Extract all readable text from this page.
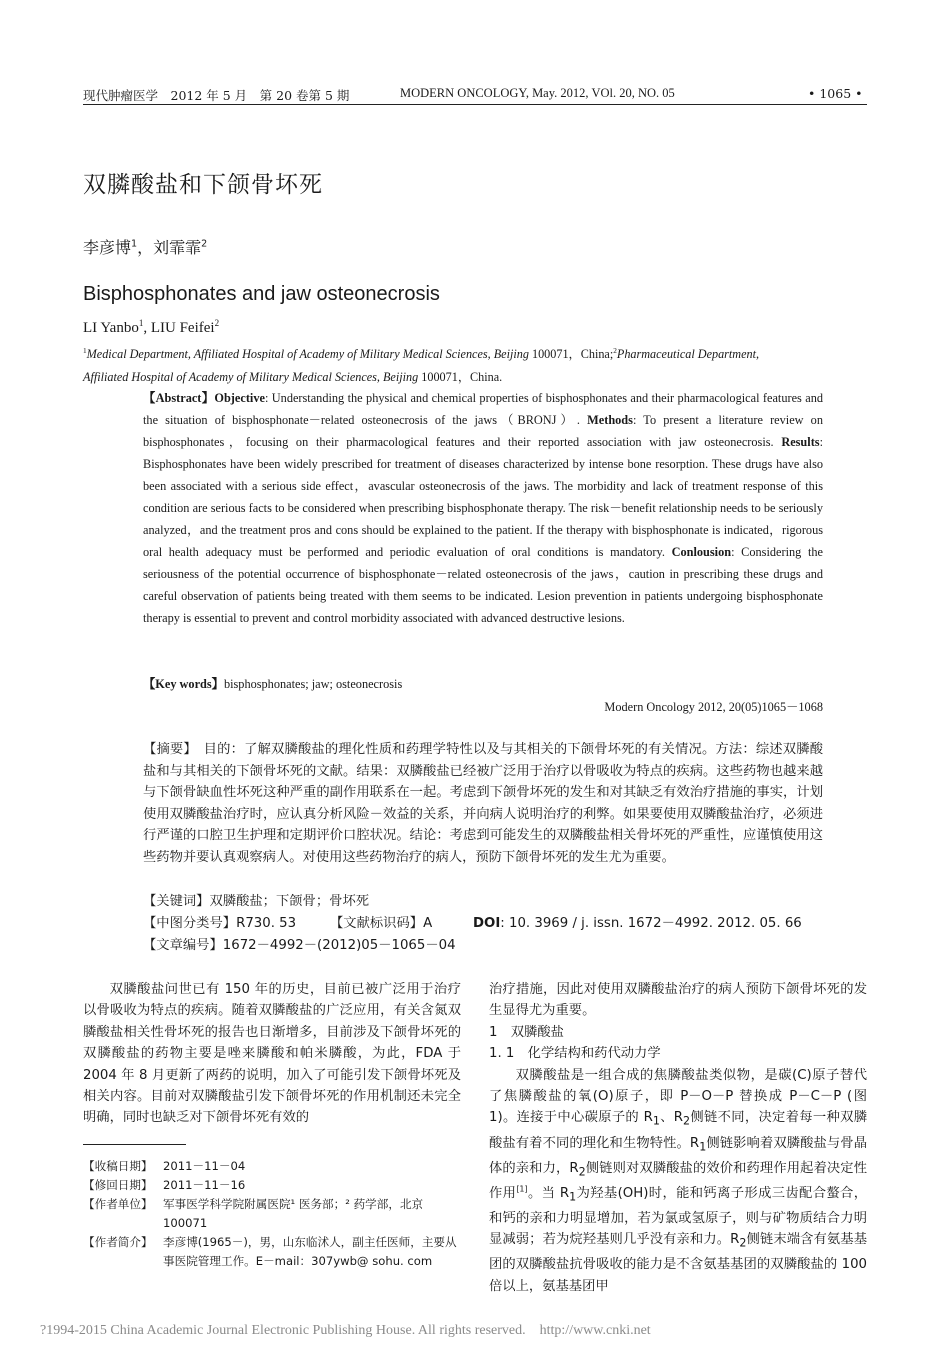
现代肿瘤医学　2012 年 5 月　第 20 卷第 5 期	MODERN ONCOLOGY, May. 2012, VOl. 20, NO. 05	• 1065 •
双膦酸盐和下颌骨坏死
李彦博$^1$，刘霏霏$^2$
Bisphosphonates and jaw osteonecrosis
LI Yanbo$^1$, LIU Feifei$^2$
$^1$Medical Department, Affiliated Hospital of Academy of Military Medical Sciences, Beijing 100071，China;$^2$Pharmaceutical Department,
Affiliated Hospital of Academy of Military Medical Sciences, Beijing 100071，China.
【Abstract】Objective: Understanding the physical and chemical properties of bisphosphonates and their pharmacological features and the situation of bisphosphonate－related osteonecrosis of the jaws（BRONJ）. Methods: To present a literature review on bisphosphonates，focusing on their pharmacological features and their reported association with jaw osteonecrosis. Results: Bisphosphonates have been widely prescribed for treatment of diseases characterized by intense bone resorption. These drugs have also been associated with a serious side effect，avascular osteonecrosis of the jaws. The morbidity and lack of treatment response of this condition are serious facts to be considered when prescribing bisphosphonate therapy. The risk－benefit relationship needs to be seriously analyzed，and the treatment pros and cons should be explained to the patient. If the therapy with bisphosphonate is indicated，rigorous oral health adequacy must be performed and periodic evaluation of oral conditions is mandatory. Conlousion: Considering the seriousness of the potential occurrence of bisphosphonate－related osteonecrosis of the jaws，caution in prescribing these drugs and careful observation of patients being treated with them seems to be indicated. Lesion prevention in patients undergoing bisphosphonate therapy is essential to prevent and control morbidity associated with advanced destructive lesions.
【Key words】bisphosphonates; jaw; osteonecrosis
Modern Oncology 2012, 20(05)1065－1068
【摘要】　目的：了解双膦酸盐的理化性质和药理学特性以及与其相关的下颌骨坏死的有关情况。方法：综述双膦酸盐和与其相关的下颌骨坏死的文献。结果：双膦酸盐已经被广泛用于治疗以骨吸收为特点的疾病。这些药物也越来越与下颌骨缺血性坏死这种严重的副作用联系在一起。考虑到下颌骨坏死的发生和对其缺乏有效治疗措施的事实，计划使用双膦酸盐治疗时，应认真分析风险－效益的关系，并向病人说明治疗的利弊。如果要使用双膦酸盐治疗，必须进行严谨的口腔卫生护理和定期评价口腔状况。结论：考虑到可能发生的双膦酸盐相关骨坏死的严重性，应谨慎使用这些药物并要认真观察病人。对使用这些药物治疗的病人，预防下颌骨坏死的发生尤为重要。
【关键词】双膦酸盐；下颌骨；骨坏死
【中图分类号】R730. 53	【文献标识码】A	DOI: 10. 3969 / j. issn. 1672－4992. 2012. 05. 66
【文章编号】1672－4992－(2012)05－1065－04

双膦酸盐问世已有 150 年的历史，目前已被广泛用于治疗以骨吸收为特点的疾病。随着双膦酸盐的广泛应用，有关含氮双膦酸盐相关性骨坏死的报告也日渐增多，目前涉及下颌骨坏死的双膦酸盐的药物主要是唑来膦酸和帕米膦酸，为此，FDA 于 2004 年 8 月更新了两药的说明，加入了可能引发下颌骨坏死及相关内容。目前对双膦酸盐引发下颌骨坏死的作用机制还未完全明确，同时也缺乏对下颌骨坏死有效的

【收稿日期】 2011－11－04
【修回日期】 2011－11－16
【作者单位】 军事医学科学院附属医院¹ 医务部；² 药学部，北京 100071
【作者简介】 李彦博(1965－)，男，山东临沭人，副主任医师，主要从事医院管理工作。E－mail：307ywb@ sohu. com

治疗措施，因此对使用双膦酸盐治疗的病人预防下颌骨坏死的发生显得尤为重要。

1　双膦酸盐

1. 1　化学结构和药代动力学

双膦酸盐是一组合成的焦膦酸盐类似物，是碳(C)原子替代了焦膦酸盐的氧(O)原子，即 P－O－P 替换成 P－C－P (图 1)。连接于中心碳原子的 $R_1$、$R_2$侧链不同，决定着每一种双膦酸盐有着不同的理化和生物特性。$R_1$侧链影响着双膦酸盐与骨晶体的亲和力，$R_2$侧链则对双膦酸盐的效价和药理作用起着决定性作用[1]。当 $R_1$为羟基(OH)时，能和钙离子形成三齿配合螯合，和钙的亲和力明显增加，若为氯或氢原子，则与矿物质结合力明显减弱；若为烷羟基则几乎没有亲和力。$R_2$侧链末端含有氨基基团的双膦酸盐抗骨吸收的能力是不含氨基基团的双膦酸盐的 100 倍以上，氨基基团甲

?1994-2015 China Academic Journal Electronic Publishing House. All rights reserved.　http://www.cnki.net
